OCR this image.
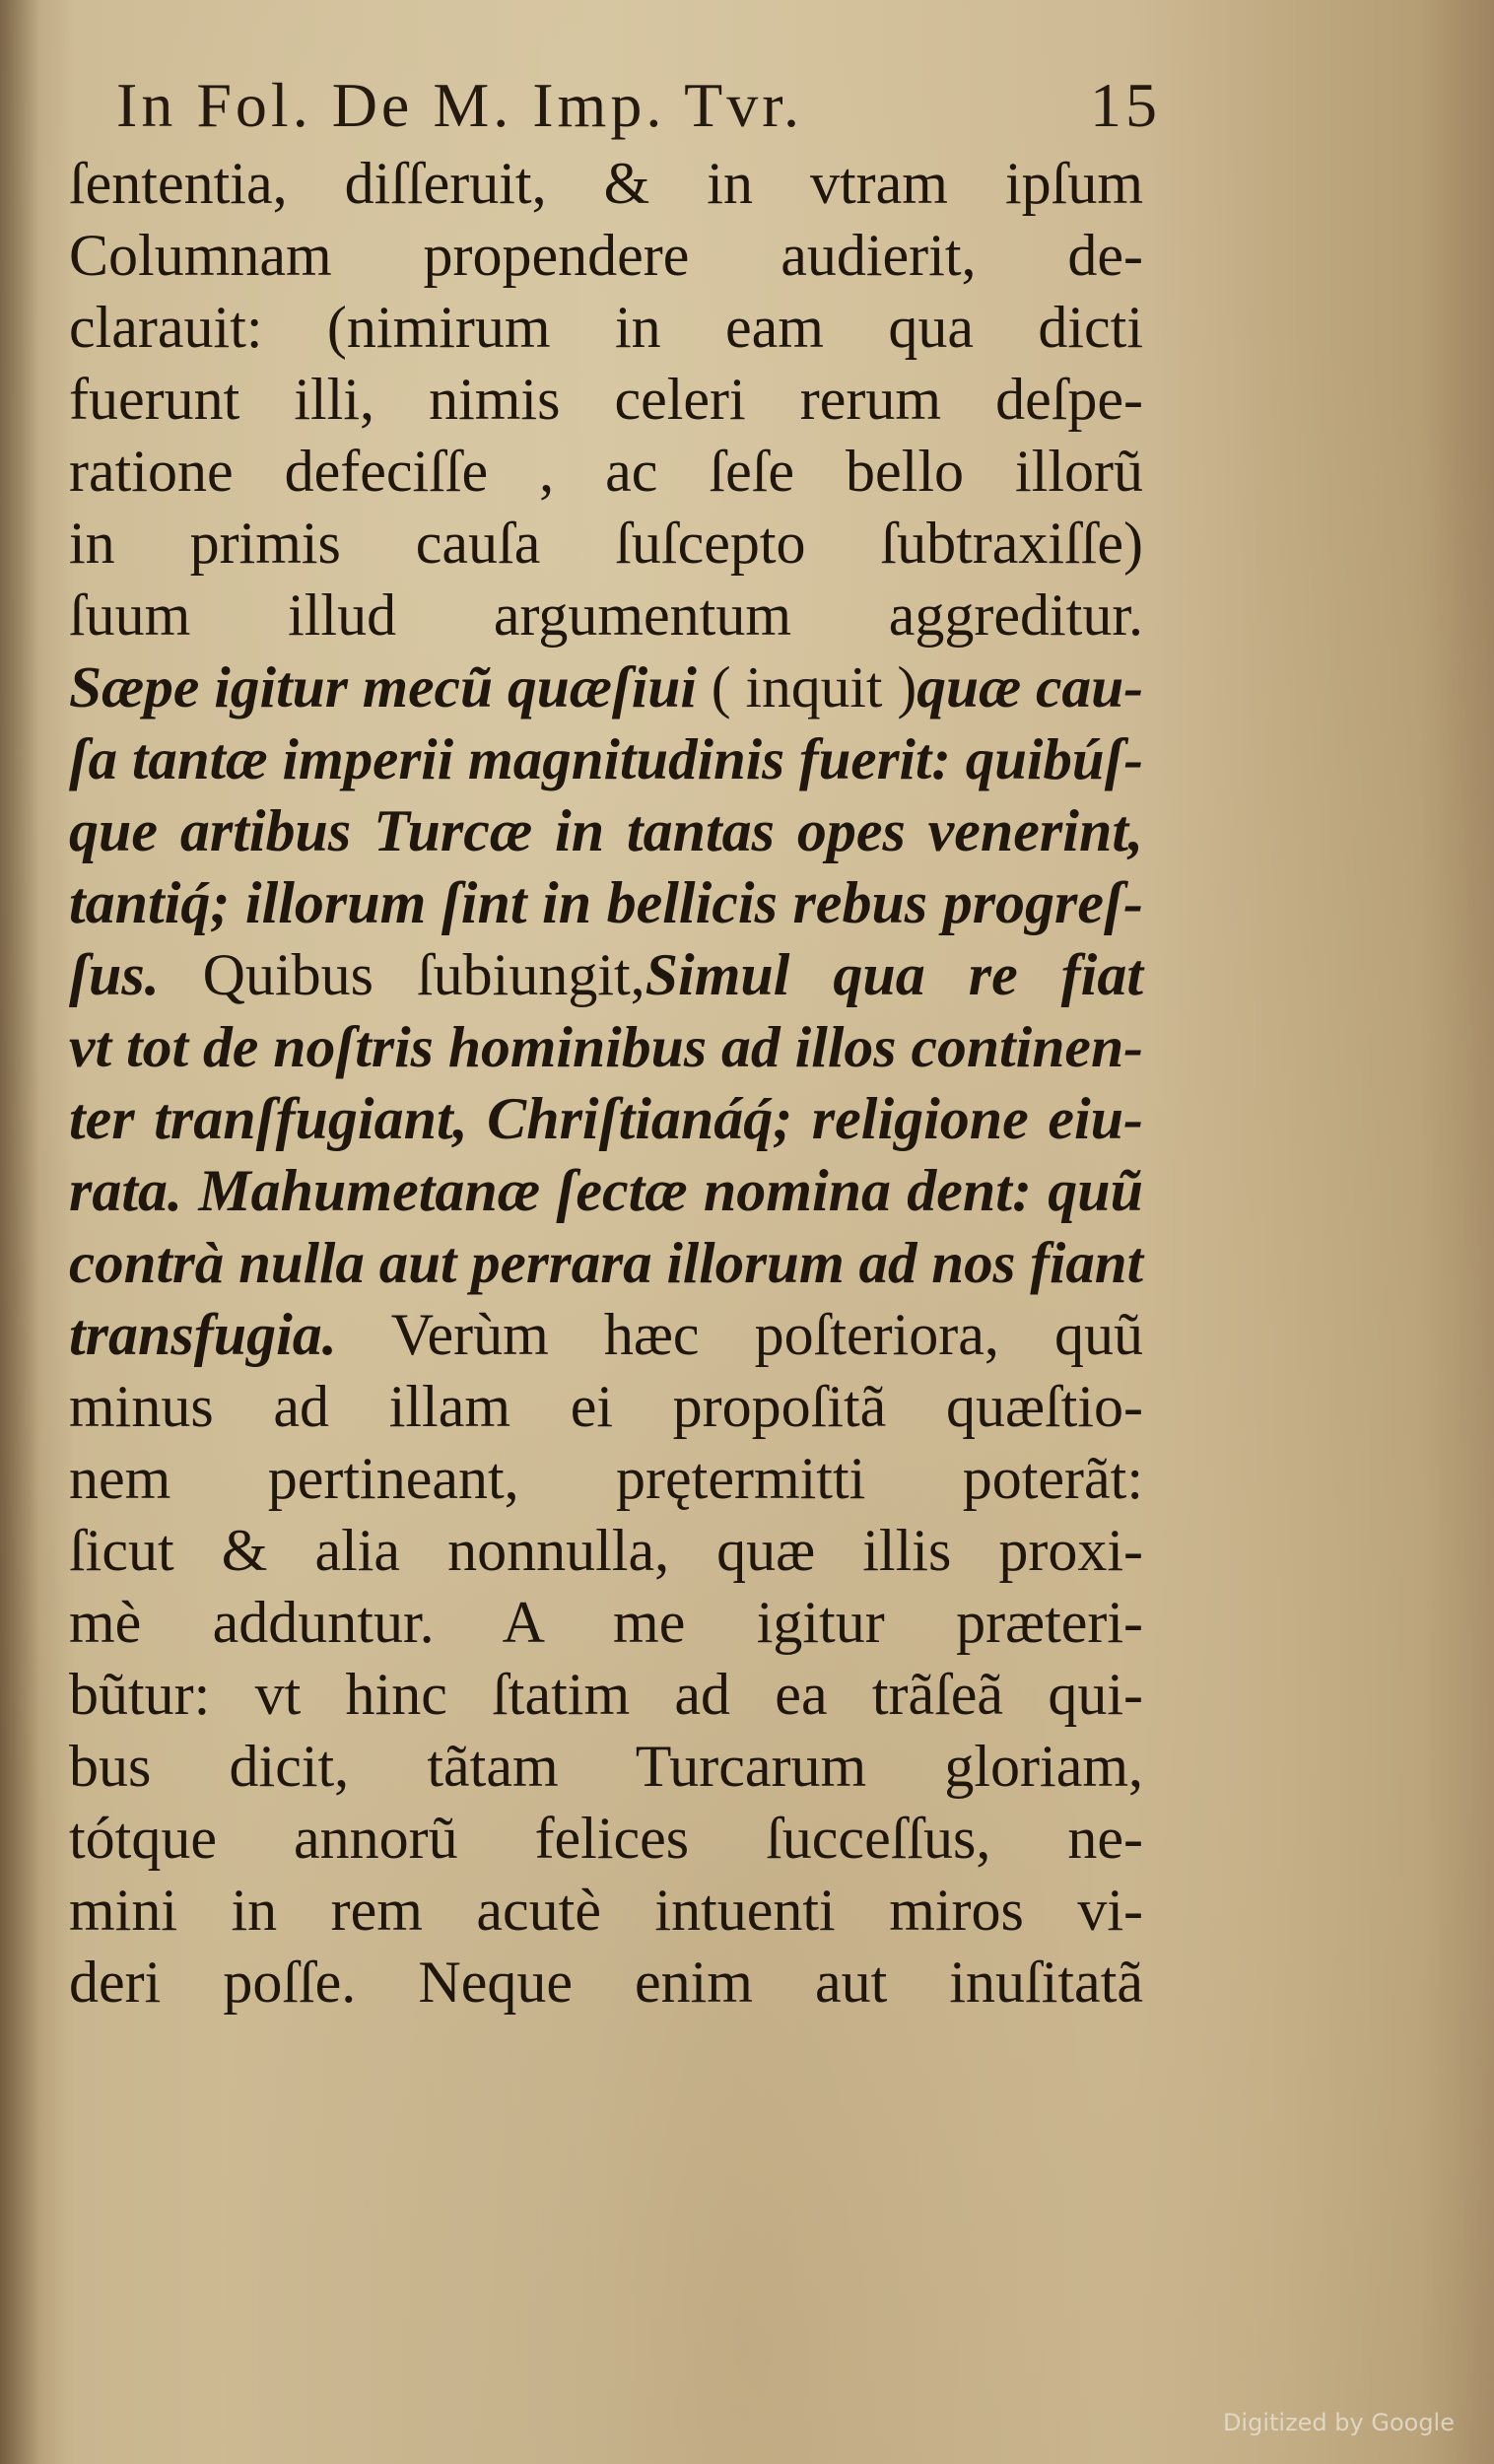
In Fol. De M. Imp. Tvr.	15
ſententia, diſſeruit, & in vtram ipſum
Columnam propendere audierit, de-
clarauit: (nimirum in eam qua dicti
fuerunt illi, nimis celeri rerum deſpe-
ratione defeciſſe , ac ſeſe bello illorũ
in primis cauſa ſuſcepto ſubtraxiſſe)
ſuum illud argumentum aggreditur.
Sæpe igitur mecũ quæſiui ( inquit )quæ cau-
ſa tantæ imperii magnitudinis fuerit: quibúſ-
que artibus Turcæ in tantas opes venerint,
tantiq́; illorum ſint in bellicis rebus progreſ-
ſus. Quibus ſubiungit,Simul qua re fiat
vt tot de noſtris hominibus ad illos continen-
ter tranſfugiant, Chriſtianáq́; religione eiu-
rata. Mahumetanæ ſectæ nomina dent: quũ
contrà nulla aut perrara illorum ad nos fiant
transfugia. Verùm hæc poſteriora, quũ
minus ad illam ei propoſitã quæſtio-
nem pertineant, prętermitti poterãt:
ſicut & alia nonnulla, quæ illis proxi-
mè adduntur. A me igitur præteri-
bũtur: vt hinc ſtatim ad ea trãſeã qui-
bus dicit, tãtam Turcarum gloriam,
tótque annorũ felices ſucceſſus, ne-
mini in rem acutè intuenti miros vi-
deri poſſe. Neque enim aut inuſitatã
Digitized by Google
